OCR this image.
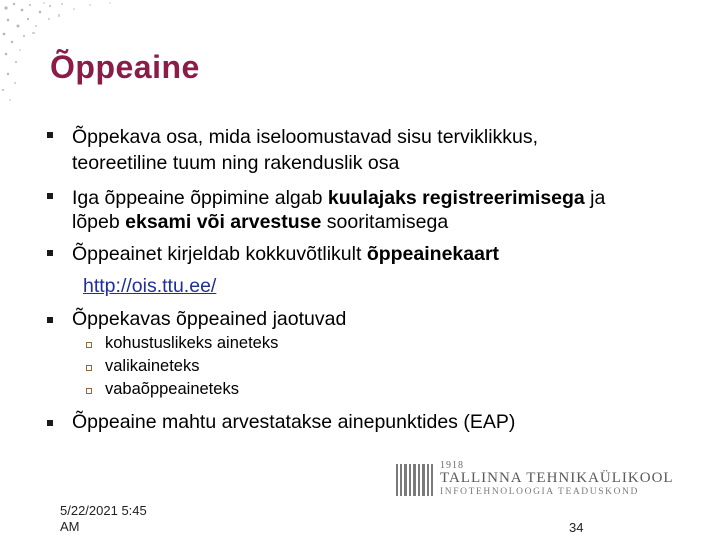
Õppeaine
Õppekava osa, mida iseloomustavad sisu terviklikkus,
teoreetiline tuum ning rakenduslik osa
Iga õppeaine õppimine algab kuulajaks registreerimisega ja
lõpeb eksami või arvestuse sooritamisega
Õppeainet kirjeldab kokkuvõtlikult õppeainekaart
http://ois.ttu.ee/
Õppekavas õppeained jaotuvad
kohustuslikeks aineteks
valikaineteks
vabaõppeaineteks
Õppeaine mahtu arvestatakse ainepunktides (EAP)
1918
TALLINNA TEHNIKAÜLIKOOL
INFOTEHNOLOOGIA TEADUSKOND
5/22/2021 5:45
AM	34
